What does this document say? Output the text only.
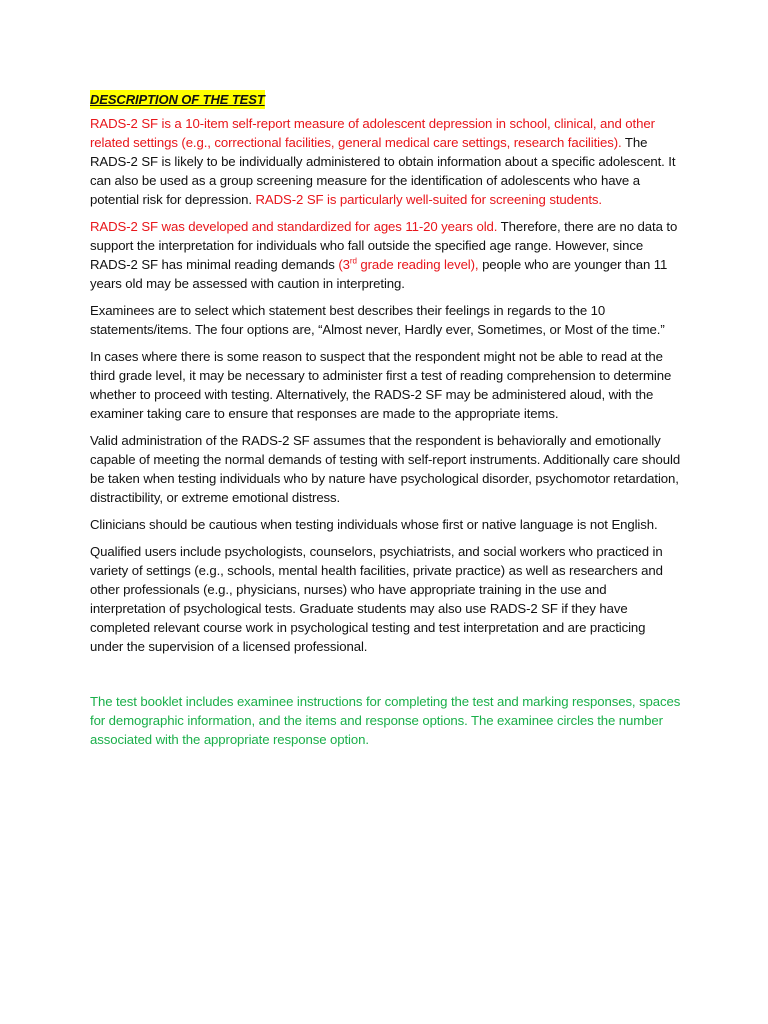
DESCRIPTION OF THE TEST

RADS-2 SF is a 10-item self-report measure of adolescent depression in school, clinical, and other related settings (e.g., correctional facilities, general medical care settings, research facilities). The RADS-2 SF is likely to be individually administered to obtain information about a specific adolescent. It can also be used as a group screening measure for the identification of adolescents who have a potential risk for depression. RADS-2 SF is particularly well-suited for screening students.

RADS-2 SF was developed and standardized for ages 11-20 years old. Therefore, there are no data to support the interpretation for individuals who fall outside the specified age range. However, since RADS-2 SF has minimal reading demands (3rd grade reading level), people who are younger than 11 years old may be assessed with caution in interpreting.

Examinees are to select which statement best describes their feelings in regards to the 10 statements/items. The four options are, “Almost never, Hardly ever, Sometimes, or Most of the time.”

In cases where there is some reason to suspect that the respondent might not be able to read at the third grade level, it may be necessary to administer first a test of reading comprehension to determine whether to proceed with testing. Alternatively, the RADS-2 SF may be administered aloud, with the examiner taking care to ensure that responses are made to the appropriate items.

Valid administration of the RADS-2 SF assumes that the respondent is behaviorally and emotionally capable of meeting the normal demands of testing with self-report instruments. Additionally care should be taken when testing individuals who by nature have psychological disorder, psychomotor retardation, distractibility, or extreme emotional distress.

Clinicians should be cautious when testing individuals whose first or native language is not English.

Qualified users include psychologists, counselors, psychiatrists, and social workers who practiced in variety of settings (e.g., schools, mental health facilities, private practice) as well as researchers and other professionals (e.g., physicians, nurses) who have appropriate training in the use and interpretation of psychological tests. Graduate students may also use RADS-2 SF if they have completed relevant course work in psychological testing and test interpretation and are practicing under the supervision of a licensed professional.

The test booklet includes examinee instructions for completing the test and marking responses, spaces for demographic information, and the items and response options. The examinee circles the number associated with the appropriate response option.
